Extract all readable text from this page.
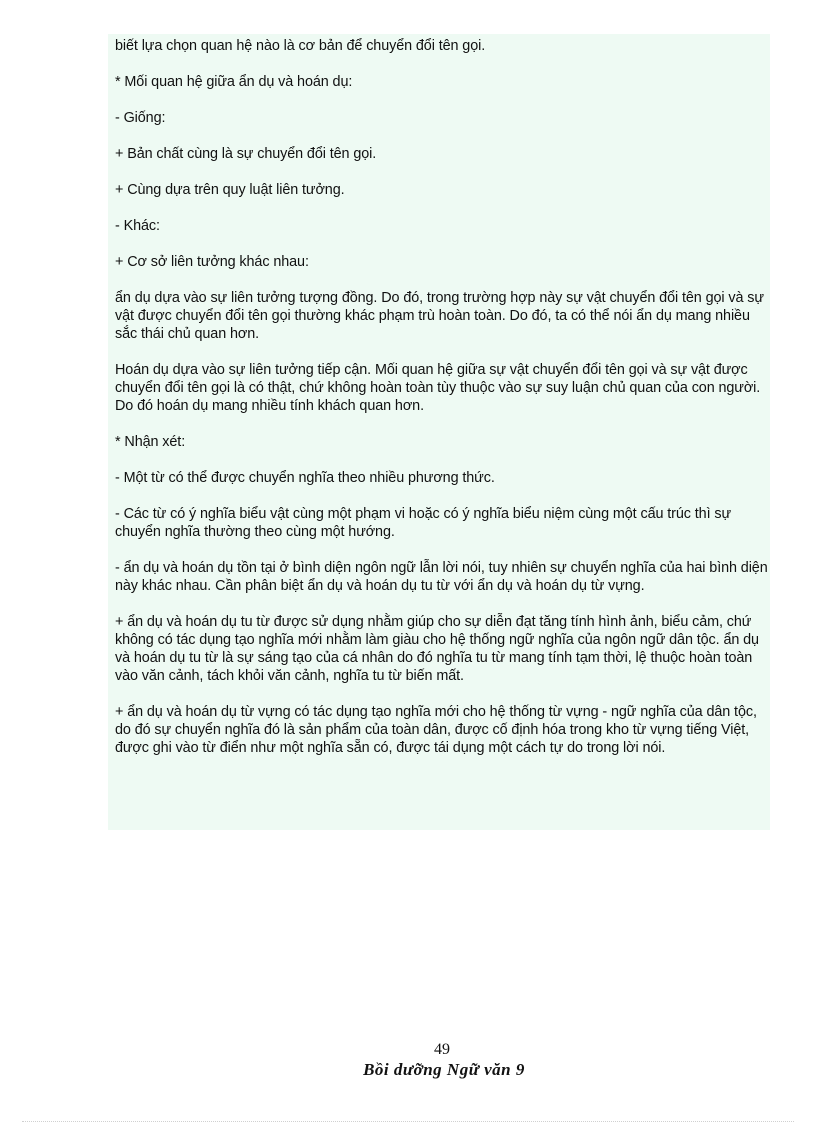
biết lựa chọn quan hệ nào là cơ bản để chuyển đổi tên gọi.

* Mối quan hệ giữa ẩn dụ và hoán dụ:

- Giống:

+ Bản chất cùng là sự chuyển đổi tên gọi.

+ Cùng dựa trên quy luật liên tưởng.

- Khác:

+ Cơ sở liên tưởng khác nhau:

ẩn dụ dựa vào sự liên tưởng tượng đồng. Do đó, trong trường hợp này sự vật chuyển đổi tên gọi và sự vật được chuyển đổi tên gọi thường khác phạm trù hoàn toàn. Do đó, ta có thể nói ẩn dụ mang nhiều sắc thái chủ quan hơn.

Hoán dụ dựa vào sự liên tưởng tiếp cận. Mối quan hệ giữa sự vật chuyển đổi tên gọi và sự vật được chuyển đổi tên gọi là có thật, chứ không hoàn toàn tùy thuộc vào sự suy luận chủ quan của con người. Do đó hoán dụ mang nhiều tính khách quan hơn.

* Nhận xét:

- Một từ có thể được chuyển nghĩa theo nhiều phương thức.

- Các từ có ý nghĩa biểu vật cùng một phạm vi hoặc có ý nghĩa biểu niệm cùng một cấu trúc thì sự chuyển nghĩa thường theo cùng một hướng.

- ẩn dụ và hoán dụ tồn tại ở bình diện ngôn ngữ lẫn lời nói, tuy nhiên sự chuyển nghĩa của hai bình diện này khác nhau. Cần phân biệt ẩn dụ và hoán dụ tu từ với ẩn dụ và hoán dụ từ vựng.

+ ẩn dụ và hoán dụ tu từ được sử dụng nhằm giúp cho sự diễn đạt tăng tính hình ảnh, biểu cảm, chứ không có tác dụng tạo nghĩa mới nhằm làm giàu cho hệ thống ngữ nghĩa của ngôn ngữ dân tộc. ẩn dụ và hoán dụ tu từ là sự sáng tạo của cá nhân do đó nghĩa tu từ mang tính tạm thời, lệ thuộc hoàn toàn vào văn cảnh, tách khỏi văn cảnh, nghĩa tu từ biến mất.

+ ẩn dụ và hoán dụ từ vựng có tác dụng tạo nghĩa mới cho hệ thống từ vựng - ngữ nghĩa của dân tộc, do đó sự chuyển nghĩa đó là sản phẩm của toàn dân, được cố định hóa trong kho từ vựng tiếng Việt, được ghi vào từ điển như một nghĩa sẵn có, được tái dụng một cách tự do trong lời nói.

49
Bồi dưỡng Ngữ văn 9
